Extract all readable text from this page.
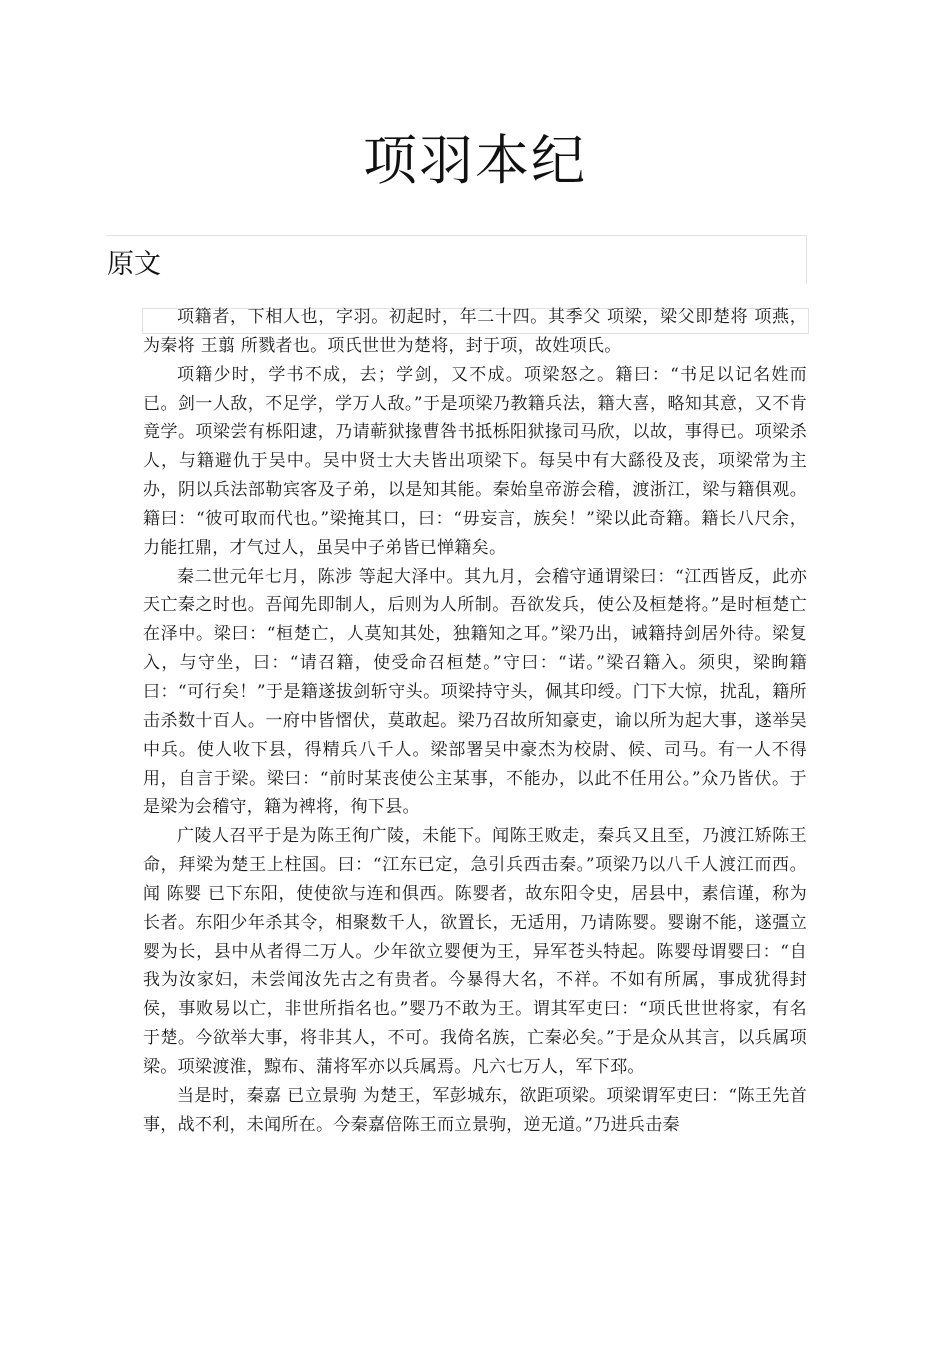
项羽本纪
原文

项籍者，下相人也，字羽。初起时，年二十四。其季父 项梁，梁父即楚将 项燕，为秦将 王翦 所戮者也。项氏世世为楚将，封于项，故姓项氏。

项籍少时，学书不成，去；学剑，又不成。项梁怒之。籍曰：“书足以记名姓而已。剑一人敌，不足学，学万人敌。”于是项梁乃教籍兵法，籍大喜，略知其意，又不肯竟学。项梁尝有栎阳逮，乃请蕲狱掾曹咎书抵栎阳狱掾司马欣，以故，事得已。项梁杀人，与籍避仇于吴中。吴中贤士大夫皆出项梁下。每吴中有大繇役及丧，项梁常为主办，阴以兵法部勒宾客及子弟，以是知其能。秦始皇帝游会稽，渡浙江，梁与籍俱观。籍曰：“彼可取而代也。”梁掩其口，曰：“毋妄言，族矣！”梁以此奇籍。籍长八尺余，力能扛鼎，才气过人，虽吴中子弟皆已惮籍矣。

秦二世元年七月，陈涉 等起大泽中。其九月，会稽守通谓梁曰：“江西皆反，此亦天亡秦之时也。吾闻先即制人，后则为人所制。吾欲发兵，使公及桓楚将。”是时桓楚亡在泽中。梁曰：“桓楚亡，人莫知其处，独籍知之耳。”梁乃出，诫籍持剑居外待。梁复入，与守坐，曰：“请召籍，使受命召桓楚。”守曰：“诺。”梁召籍入。须臾，梁眴籍曰：“可行矣！”于是籍遂拔剑斩守头。项梁持守头，佩其印绶。门下大惊，扰乱，籍所击杀数十百人。一府中皆慴伏，莫敢起。梁乃召故所知豪吏，谕以所为起大事，遂举吴中兵。使人收下县，得精兵八千人。梁部署吴中豪杰为校尉、候、司马。有一人不得用，自言于梁。梁曰：“前时某丧使公主某事，不能办，以此不任用公。”众乃皆伏。于是梁为会稽守，籍为裨将，徇下县。

广陵人召平于是为陈王徇广陵，未能下。闻陈王败走，秦兵又且至，乃渡江矫陈王命，拜梁为楚王上柱国。曰：“江东已定，急引兵西击秦。”项梁乃以八千人渡江而西。闻 陈婴 已下东阳，使使欲与连和俱西。陈婴者，故东阳令史，居县中，素信谨，称为长者。东阳少年杀其令，相聚数千人，欲置长，无适用，乃请陈婴。婴谢不能，遂彊立婴为长，县中从者得二万人。少年欲立婴便为王，异军苍头特起。陈婴母谓婴曰：“自我为汝家妇，未尝闻汝先古之有贵者。今暴得大名，不祥。不如有所属，事成犹得封侯，事败易以亡，非世所指名也。”婴乃不敢为王。谓其军吏曰：“项氏世世将家，有名于楚。今欲举大事，将非其人，不可。我倚名族，亡秦必矣。”于是众从其言，以兵属项梁。项梁渡淮，黥布、蒲将军亦以兵属焉。凡六七万人，军下邳。

当是时，秦嘉 已立景驹 为楚王，军彭城东，欲距项梁。项梁谓军吏曰：“陈王先首事，战不利，未闻所在。今秦嘉倍陈王而立景驹，逆无道。”乃进兵击秦
